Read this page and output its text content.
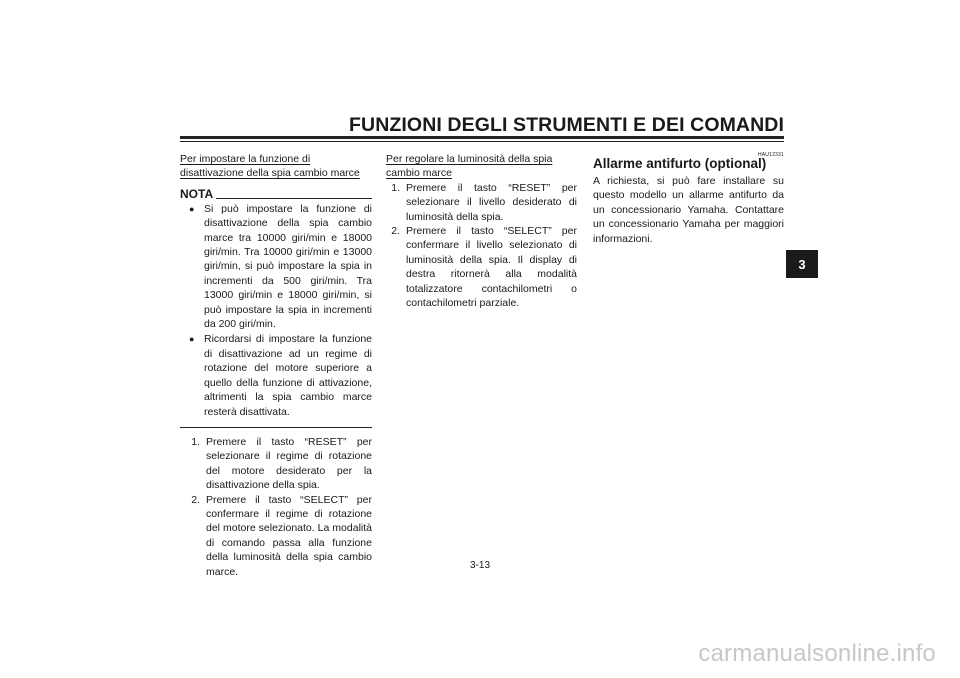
FUNZIONI DEGLI STRUMENTI E DEI COMANDI
3
Per impostare la funzione di disattivazione della spia cambio marce
NOTA
● Si può impostare la funzione di disattivazione della spia cambio marce tra 10000 giri/min e 18000 giri/min. Tra 10000 giri/min e 13000 giri/min, si può impostare la spia in incrementi da 500 giri/min. Tra 13000 giri/min e 18000 giri/min, si può impostare la spia in incrementi da 200 giri/min.
● Ricordarsi di impostare la funzione di disattivazione ad un regime di rotazione del motore superiore a quello della funzione di attivazione, altrimenti la spia cambio marce resterà disattivata.
1. Premere il tasto “RESET” per selezionare il regime di rotazione del motore desiderato per la disattivazione della spia.
2. Premere il tasto “SELECT” per confermare il regime di rotazione del motore selezionato. La modalità di comando passa alla funzione della luminosità della spia cambio marce.
Per regolare la luminosità della spia cambio marce
1. Premere il tasto “RESET” per selezionare il livello desiderato di luminosità della spia.
2. Premere il tasto “SELECT” per confermare il livello selezionato di luminosità della spia. Il display di destra ritornerà alla modalità totalizzatore contachilometri o contachilometri parziale.
HAU12331
Allarme antifurto (optional)
A richiesta, si può fare installare su questo modello un allarme antifurto da un concessionario Yamaha. Contattare un concessionario Yamaha per maggiori informazioni.
3-13
carmanualsonline.info
